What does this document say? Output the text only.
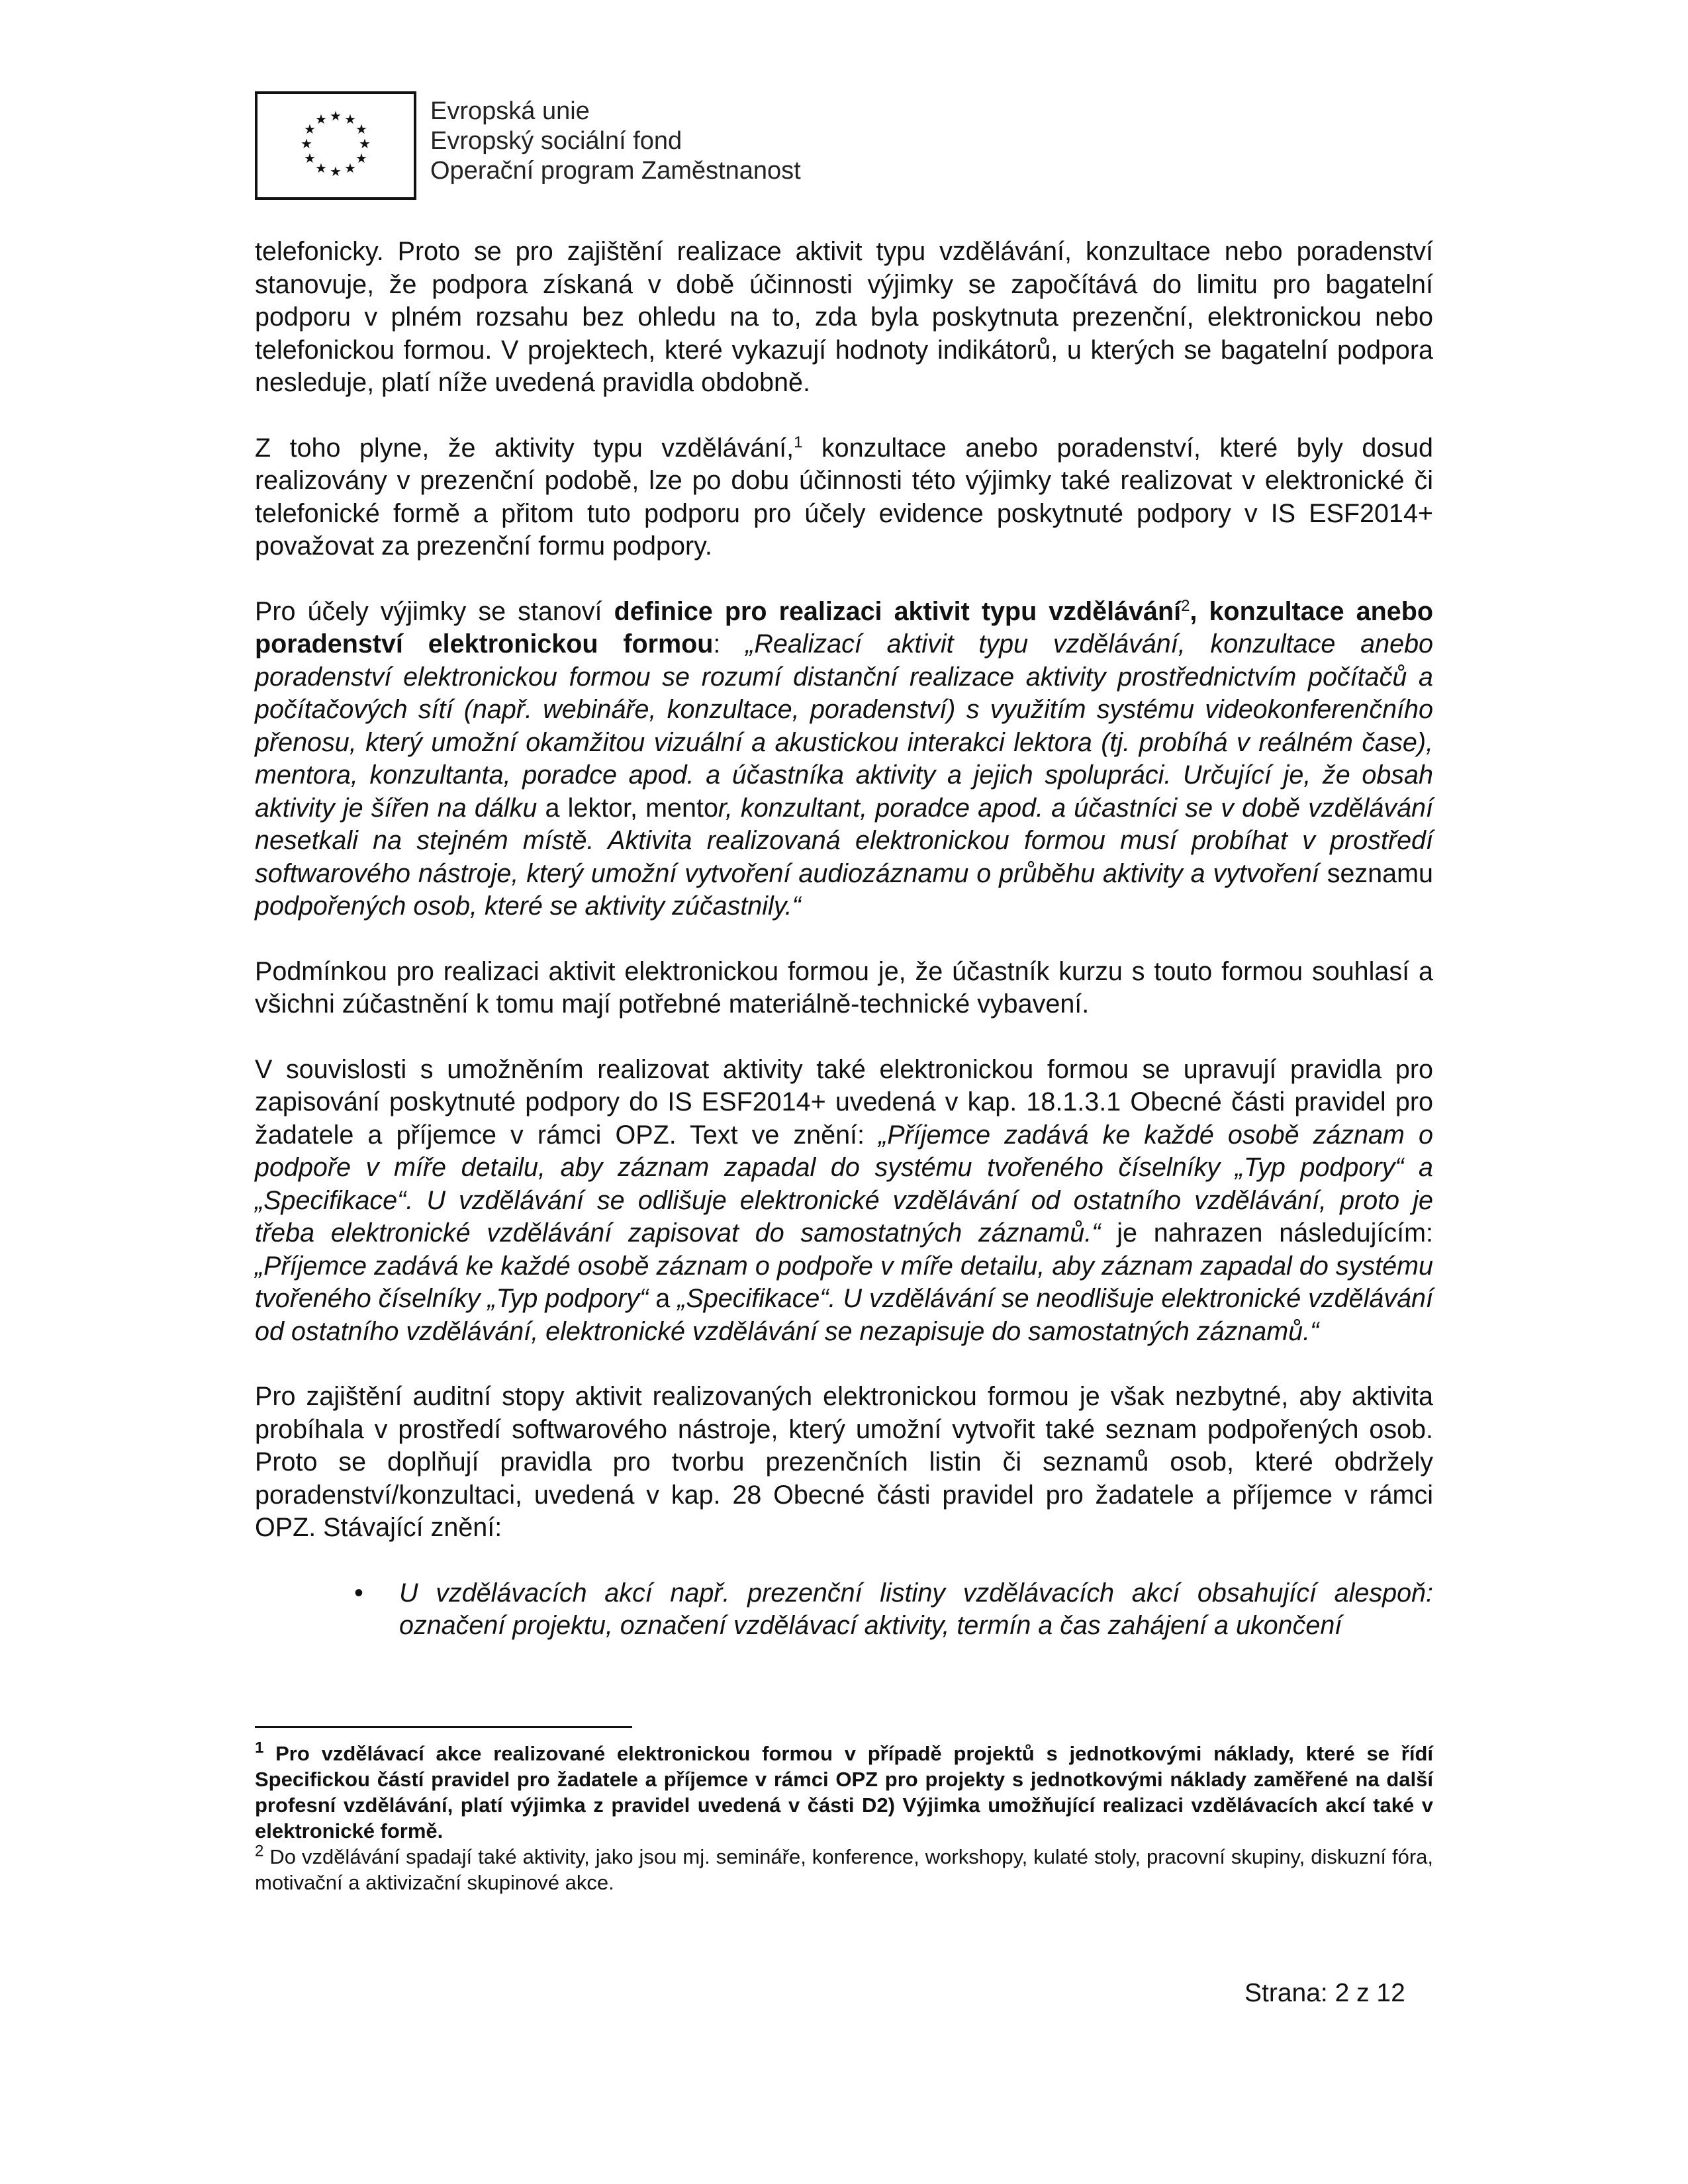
★ ★
★
★
★
★
★
★
★
★
★
★	Evropská unie
Evropský sociální fond
Operační program Zaměstnanost

telefonicky. Proto se pro zajištění realizace aktivit typu vzdělávání, konzultace nebo poradenství stanovuje, že podpora získaná v době účinnosti výjimky se započítává do limitu pro bagatelní podporu v plném rozsahu bez ohledu na to, zda byla poskytnuta prezenční, elektronickou nebo telefonickou formou. V projektech, které vykazují hodnoty indikátorů, u kterých se bagatelní podpora nesleduje, platí níže uvedená pravidla obdobně.

Z toho plyne, že aktivity typu vzdělávání,$^1$ konzultace anebo poradenství, které byly dosud realizovány v prezenční podobě, lze po dobu účinnosti této výjimky také realizovat v elektronické či telefonické formě a přitom tuto podporu pro účely evidence poskytnuté podpory v IS ESF2014+ považovat za prezenční formu podpory.

Pro účely výjimky se stanoví definice pro realizaci aktivit typu vzdělávání$^2$, konzultace anebo poradenství elektronickou formou: „Realizací aktivit typu vzdělávání, konzultace anebo poradenství elektronickou formou se rozumí distanční realizace aktivity prostřednictvím počítačů a počítačových sítí (např. webináře, konzultace, poradenství) s využitím systému videokonferenčního přenosu, který umožní okamžitou vizuální a akustickou interakci lektora (tj. probíhá v reálném čase), mentora, konzultanta, poradce apod. a účastníka aktivity a jejich spolupráci. Určující je, že obsah aktivity je šířen na dálku a lektor, mentor, konzultant, poradce apod. a účastníci se v době vzdělávání nesetkali na stejném místě. Aktivita realizovaná elektronickou formou musí probíhat v prostředí softwarového nástroje, který umožní vytvoření audiozáznamu o průběhu aktivity a vytvoření seznamu podpořených osob, které se aktivity zúčastnily.“

Podmínkou pro realizaci aktivit elektronickou formou je, že účastník kurzu s touto formou souhlasí a všichni zúčastnění k tomu mají potřebné materiálně-technické vybavení.

V souvislosti s umožněním realizovat aktivity také elektronickou formou se upravují pravidla pro zapisování poskytnuté podpory do IS ESF2014+ uvedená v kap. 18.1.3.1 Obecné části pravidel pro žadatele a příjemce v rámci OPZ. Text ve znění: „Příjemce zadává ke každé osobě záznam o podpoře v míře detailu, aby záznam zapadal do systému tvořeného číselníky „Typ podpory“ a „Specifikace“. U vzdělávání se odlišuje elektronické vzdělávání od ostatního vzdělávání, proto je třeba elektronické vzdělávání zapisovat do samostatných záznamů.“ je nahrazen následujícím: „Příjemce zadává ke každé osobě záznam o podpoře v míře detailu, aby záznam zapadal do systému tvořeného číselníky „Typ podpory“ a „Specifikace“. U vzdělávání se neodlišuje elektronické vzdělávání od ostatního vzdělávání, elektronické vzdělávání se nezapisuje do samostatných záznamů.“

Pro zajištění auditní stopy aktivit realizovaných elektronickou formou je však nezbytné, aby aktivita probíhala v prostředí softwarového nástroje, který umožní vytvořit také seznam podpořených osob. Proto se doplňují pravidla pro tvorbu prezenčních listin či seznamů osob, které obdržely poradenství/konzultaci, uvedená v kap. 28 Obecné části pravidel pro žadatele a příjemce v rámci OPZ. Stávající znění:

• U vzdělávacích akcí např. prezenční listiny vzdělávacích akcí obsahující alespoň: označení projektu, označení vzdělávací aktivity, termín a čas zahájení a ukončení

$^1$ Pro vzdělávací akce realizované elektronickou formou v případě projektů s jednotkovými náklady, které se řídí Specifickou částí pravidel pro žadatele a příjemce v rámci OPZ pro projekty s jednotkovými náklady zaměřené na další profesní vzdělávání, platí výjimka z pravidel uvedená v části D2) Výjimka umožňující realizaci vzdělávacích akcí také v elektronické formě.

$^2$ Do vzdělávání spadají také aktivity, jako jsou mj. semináře, konference, workshopy, kulaté stoly, pracovní skupiny, diskuzní fóra, motivační a aktivizační skupinové akce.

Strana: 2 z 12
